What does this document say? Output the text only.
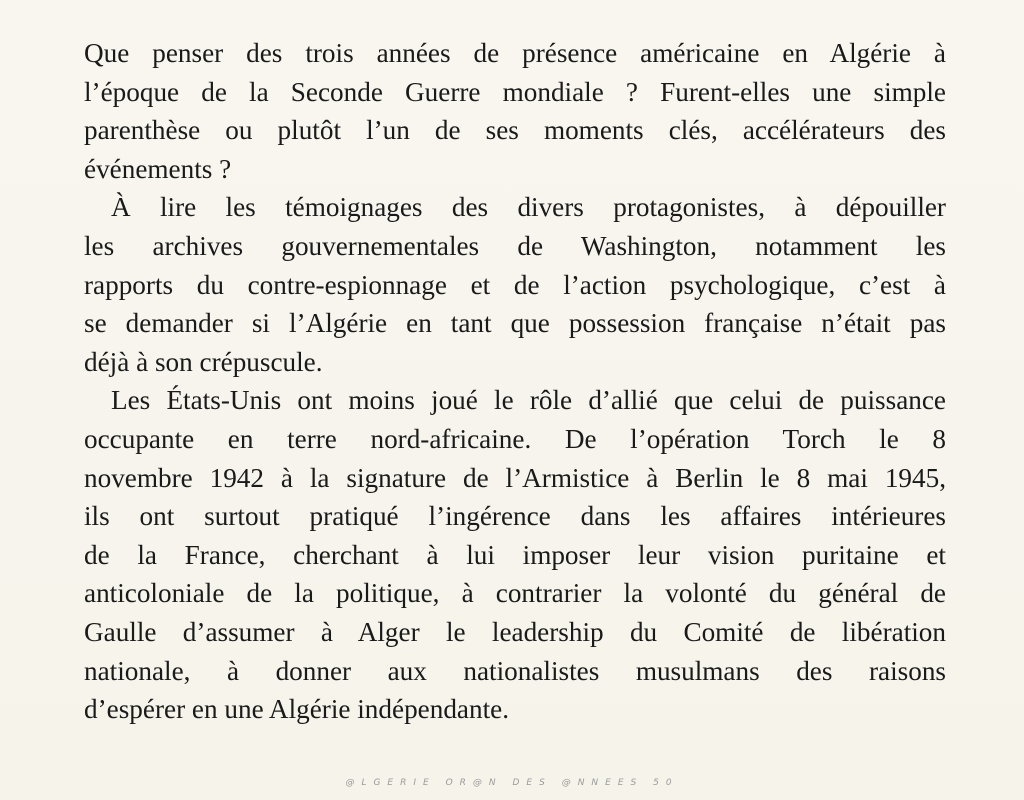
Que penser des trois années de présence américaine en Algérie à
l’époque de la Seconde Guerre mondiale ? Furent-elles une simple
parenthèse ou plutôt l’un de ses moments clés, accélérateurs des
événements ?
À lire les témoignages des divers protagonistes, à dépouiller
les archives gouvernementales de Washington, notamment les
rapports du contre-espionnage et de l’action psychologique, c’est à
se demander si l’Algérie en tant que possession française n’était pas
déjà à son crépuscule.
Les États-Unis ont moins joué le rôle d’allié que celui de puissance
occupante en terre nord-africaine. De l’opération Torch le 8
novembre 1942 à la signature de l’Armistice à Berlin le 8 mai 1945,
ils ont surtout pratiqué l’ingérence dans les affaires intérieures
de la France, cherchant à lui imposer leur vision puritaine et
anticoloniale de la politique, à contrarier la volonté du général de
Gaulle d’assumer à Alger le leadership du Comité de libération
nationale, à donner aux nationalistes musulmans des raisons
d’espérer en une Algérie indépendante.
@LGERIE OR@N DES @NNEES 50
